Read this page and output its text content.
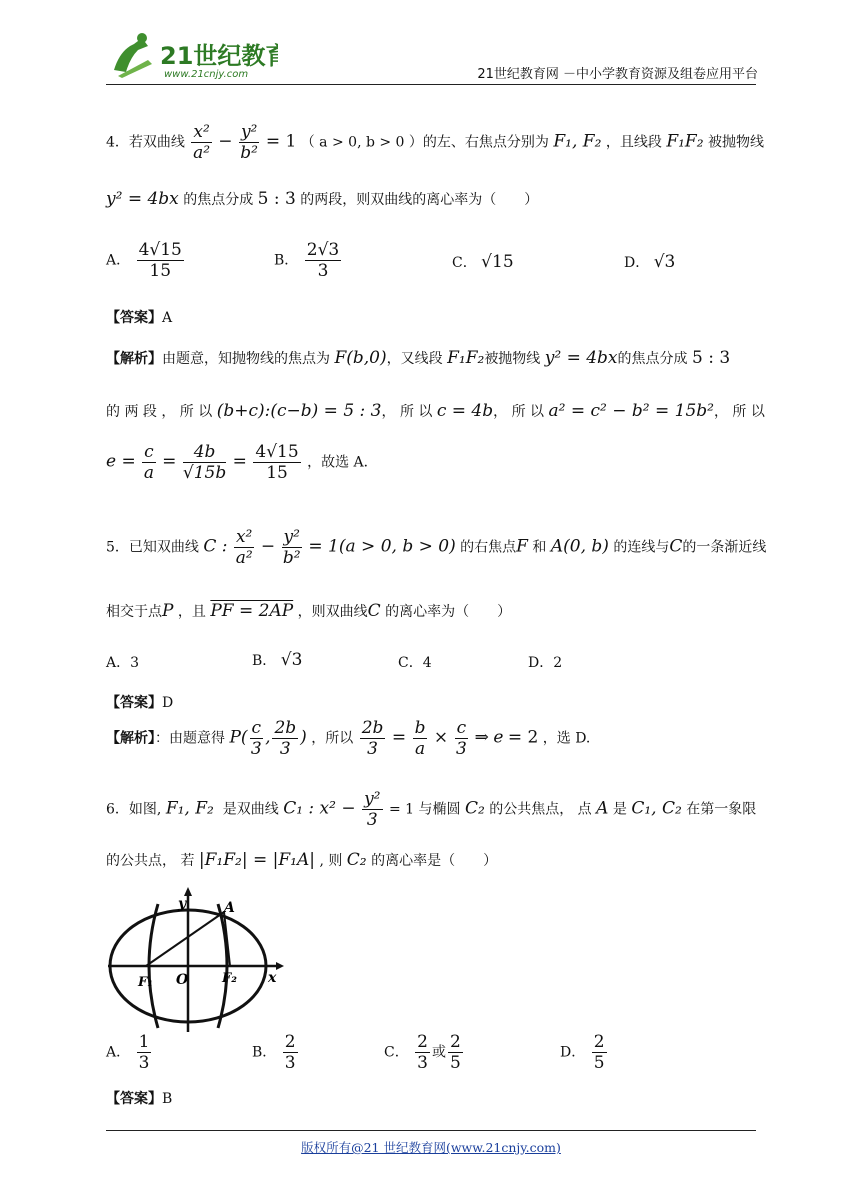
21世纪教育
www.21cnjy.com	21世纪教育网 －中小学教育资源及组卷应用平台
4．若双曲线 $\frac{\text{x²}}{\text{a²}} - \frac{\text{y²}}{\text{b²}} = 1$ （ a > 0, b > 0 ）的左、右焦点分别为 F₁, F₂ ，且线段 F₁F₂ 被抛物线
y² = 4bx 的焦点分成 5 : 3 的两段，则双曲线的离心率为（　　）
A． $\frac{4√15}{15}$	B． $\frac{2√3}{3}$	C． √15	D． √3
【答案】A
【解析】由题意，知抛物线的焦点为 F(b,0)，又线段 F₁F₂被抛物线 y² = 4bx的焦点分成 5 : 3
的 两 段 ， 所 以 (b+c):(c−b) = 5 : 3， 所 以 c = 4b， 所 以 a² = c² − b² = 15b²， 所 以
$e = \frac{c}{a} = \frac{4b}{√15b} = \frac{4√15}{15}$ ，故选 A．
5．已知双曲线 C : $\frac{\text{x²}}{\text{a²}} - \frac{\text{y²}}{\text{b²}} = 1(a > 0$, b > 0) 的右焦点F 和 A(0, b) 的连线与C的一条渐近线
相交于点P ，且 PF = 2AP ，则双曲线C 的离心率为（　　）
A．3	B． √3	C．4	D．2
【答案】D
【解析】：由题意得 $P( \frac{c}{3}$ , $\frac{2b}{3}$ ) ，所以 $\frac{2b}{3} = \frac{b}{a} \times \frac{c}{3}$ ⇒ e = 2 ，选 D.
6．如图, F₁, F₂ 是双曲线 C₁ : $x^2 - \frac{\text{y²}}{3} = 1$ 与椭圆 C₂ 的公共焦点， 点 A 是 C₁, C₂ 在第一象限
的公共点， 若 |F₁F₂| = |F₁A| , 则 C₂ 的离心率是（　　）
y	A
x
O
F₁	F₂
A． $\frac{1}{3}$	B． $\frac{2}{3}$	C． $\frac{2}{3}$ 或 $\frac{2}{5}$	D． $\frac{2}{5}$
【答案】B
版权所有@21 世纪教育网(www.21cnjy.com)
